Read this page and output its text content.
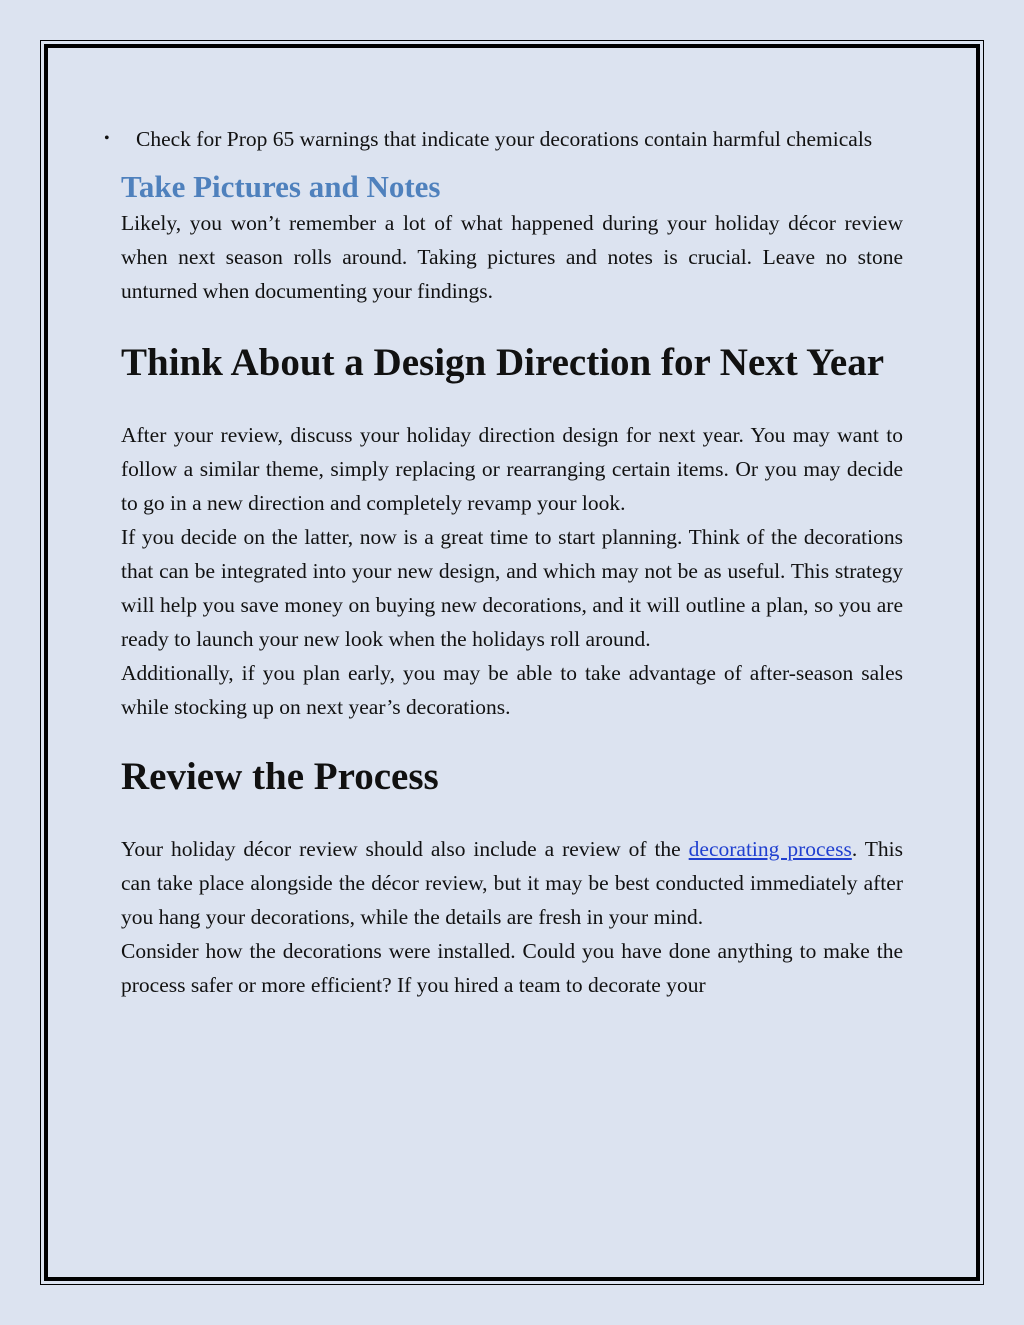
• Check for Prop 65 warnings that indicate your decorations contain harmful chemicals
Take Pictures and Notes

Likely, you won’t remember a lot of what happened during your holiday décor review when next season rolls around. Taking pictures and notes is crucial. Leave no stone unturned when documenting your findings.

Think About a Design Direction for Next Year

After your review, discuss your holiday direction design for next year. You may want to follow a similar theme, simply replacing or rearranging certain items. Or you may decide to go in a new direction and completely revamp your look.

If you decide on the latter, now is a great time to start planning. Think of the decorations that can be integrated into your new design, and which may not be as useful. This strategy will help you save money on buying new decorations, and it will outline a plan, so you are ready to launch your new look when the holidays roll around.

Additionally, if you plan early, you may be able to take advantage of after-season sales while stocking up on next year’s decorations.

Review the Process

Your holiday décor review should also include a review of the decorating process. This can take place alongside the décor review, but it may be best conducted immediately after you hang your decorations, while the details are fresh in your mind.

Consider how the decorations were installed. Could you have done anything to make the process safer or more efficient? If you hired a team to decorate your
